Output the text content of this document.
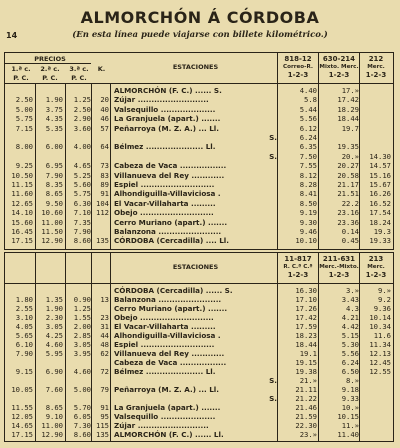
ALMORCHÓN Á CÓRDOBA
14	(En esta línea puede viajarse con billete kilométrico.)
PRECIOS
1.ª c.
P. C.
2.ª c.
P. C.
3.ª c.
P. C.
K.	ESTACIONES
818-12
Correo-R.
1-2-3
630-214
Mixto. Merc.
1-2-3
212
Merc.
1-2-3
ALMORCHÓN (F. C.) ...... S.	4.40	17.»
2.50	1.90	1.25	20 Zújar ..........................	5.8	17.42
5.00	3.75	2.50	40 Valsequillo ....................	5.44	18.29
5.75	4.35	2.90	46 La Granjuela (apart.) .......	5.56	18.44
7.15	5.35	3.60	57 Peñarroya (M. Z. A.) ... Ll.	6.12	19.7
S.	6.24
8.00	6.00	4.00	64 Bélmez ..................... Ll.	6.35	19.35
S.	7.50	20.»	14.30
9.25	6.95	4.65	73 Cabeza de Vaca .................	7.55	20.27	14.57
10.50	7.90	5.25	83 Villanueva del Rey ............	8.12	20.58	15.16
11.15	8.35	5.60	89 Espiel ...........................	8.28	21.17	15.67
11.60	8.65	5.75	91 Alhondiguilla-Villaviciosa .	8.41	21.51	16.26
12.65	9.50	6.30 104 El Vacar-Villaharta .........	8.50	22.2	16.52
14.10	10.60	7.10 112 Obejo ...........................	9.19	23.16	17.54
15.60	11.00	7.35	Cerro Muriano (apart.) .......	9.30	23.36	18.24
16.45	11.50	7.90	Balanzona .......................	9.46	0.14	19.3
17.15	12.90	8.60 135 CÓRDOBA (Cercadilla) .... Ll.	10.10	0.45	19.33
ESTACIONES
11-817
R. C.ª C.ª
1-2-3
211-631
Merc.-Mixto.
1-2-3
213
Merc.
1-2-3
CÓRDOBA (Cercadilla) ...... S.	16.30	3.»	9.»
1.80	1.35	0.90	13 Balanzona .......................	17.10	3.43	9.2
2.55	1.90	1.25	Cerro Muriano (apart.) .......	17.26	4.3	9.36
3.10	2.30	1.55	23 Obejo ...........................	17.42	4.21	10.14
4.05	3.05	2.00	31 El Vacar-Villaharta .........	17.59	4.42	10.34
5.65	4.25	2.85	44 Alhondiguilla-Villaviciosa .	18.23	5.15	11.6
6.10	4.60	3.05	48 Espiel ...........................	18.44	5.30	11.34
7.90	5.95	3.95	62 Villanueva del Rey ............	19.1	5.56	12.13
Cabeza de Vaca .................	19.15	6.24	12.45
9.15	6.90	4.60	72 Bélmez ..................... Ll.	19.38	6.50	12.55
S.	21.»	8.»
10.05	7.60	5.00	79 Peñarroya (M. Z. A.) ... Ll.	21.11	9.18
S.	21.22	9.33
11.55	8.65	5.70	91 La Granjuela (apart.) .......	21.46	10.»
12.05	9.10	6.05	95 Valsequillo ....................	21.59	10.15
14.65	11.00	7.30 115 Zújar ..........................	22.30	11.»
17.15	12.90	8.60 135 ALMORCHÓN (F. C.) ...... Ll.	23.»	11.40
